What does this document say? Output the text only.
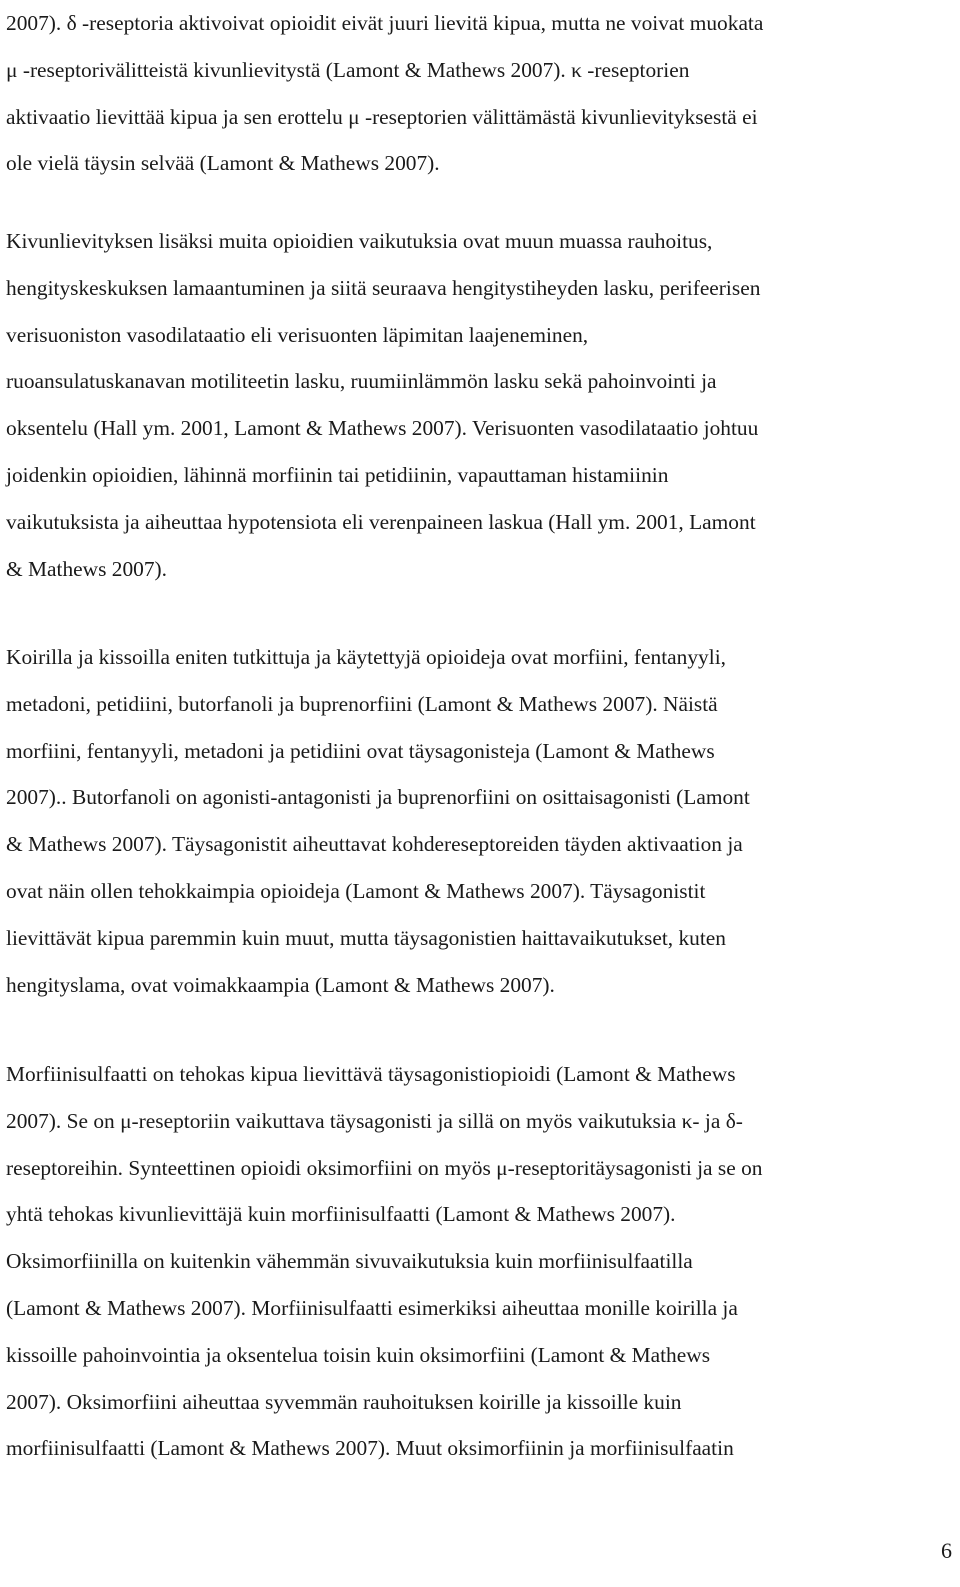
2007). δ -reseptoria aktivoivat opioidit eivät juuri lievitä kipua, mutta ne voivat muokata
μ -reseptorivälitteistä kivunlievitystä (Lamont & Mathews 2007). κ -reseptorien
aktivaatio lievittää kipua ja sen erottelu μ -reseptorien välittämästä kivunlievityksestä ei
ole vielä täysin selvää (Lamont & Mathews 2007).
Kivunlievityksen lisäksi muita opioidien vaikutuksia ovat muun muassa rauhoitus,
hengityskeskuksen lamaantuminen ja siitä seuraava hengitystiheyden lasku, perifeerisen
verisuoniston vasodilataatio eli verisuonten läpimitan laajeneminen,
ruoansulatuskanavan motiliteetin lasku, ruumiinlämmön lasku sekä pahoinvointi ja
oksentelu (Hall ym. 2001, Lamont & Mathews 2007). Verisuonten vasodilataatio johtuu
joidenkin opioidien, lähinnä morfiinin tai petidiinin, vapauttaman histamiinin
vaikutuksista ja aiheuttaa hypotensiota eli verenpaineen laskua (Hall ym. 2001, Lamont
& Mathews 2007).
Koirilla ja kissoilla eniten tutkittuja ja käytettyjä opioideja ovat morfiini, fentanyyli,
metadoni, petidiini, butorfanoli ja buprenorfiini (Lamont & Mathews 2007). Näistä
morfiini, fentanyyli, metadoni ja petidiini ovat täysagonisteja (Lamont & Mathews
2007).. Butorfanoli on agonisti-antagonisti ja buprenorfiini on osittaisagonisti (Lamont
& Mathews 2007). Täysagonistit aiheuttavat kohdereseptoreiden täyden aktivaation ja
ovat näin ollen tehokkaimpia opioideja (Lamont & Mathews 2007). Täysagonistit
lievittävät kipua paremmin kuin muut, mutta täysagonistien haittavaikutukset, kuten
hengityslama, ovat voimakkaampia (Lamont & Mathews 2007).
Morfiinisulfaatti on tehokas kipua lievittävä täysagonistiopioidi (Lamont & Mathews
2007). Se on μ-reseptoriin vaikuttava täysagonisti ja sillä on myös vaikutuksia κ- ja δ-
reseptoreihin. Synteettinen opioidi oksimorfiini on myös μ-reseptoritäysagonisti ja se on
yhtä tehokas kivunlievittäjä kuin morfiinisulfaatti (Lamont & Mathews 2007).
Oksimorfiinilla on kuitenkin vähemmän sivuvaikutuksia kuin morfiinisulfaatilla
(Lamont & Mathews 2007). Morfiinisulfaatti esimerkiksi aiheuttaa monille koirilla ja
kissoille pahoinvointia ja oksentelua toisin kuin oksimorfiini (Lamont & Mathews
2007). Oksimorfiini aiheuttaa syvemmän rauhoituksen koirille ja kissoille kuin
morfiinisulfaatti (Lamont & Mathews 2007). Muut oksimorfiinin ja morfiinisulfaatin
6
